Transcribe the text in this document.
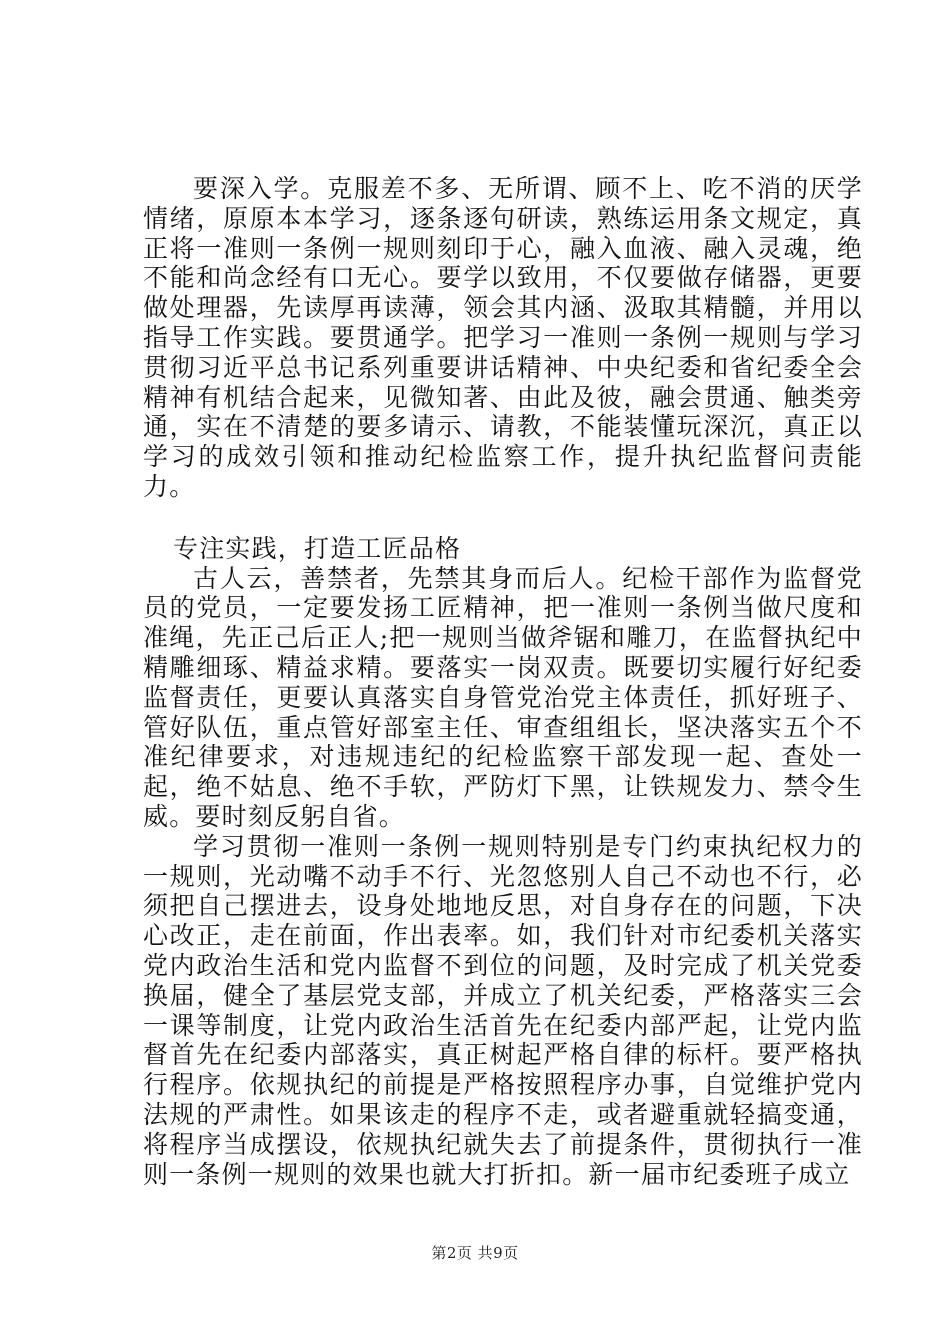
要深入学。克服差不多、无所谓、顾不上、吃不消的厌学情绪，原原本本学习，逐条逐句研读，熟练运用条文规定，真正将一准则一条例一规则刻印于心，融入血液、融入灵魂，绝不能和尚念经有口无心。要学以致用，不仅要做存储器，更要做处理器，先读厚再读薄，领会其内涵、汲取其精髓，并用以指导工作实践。要贯通学。把学习一准则一条例一规则与学习贯彻习近平总书记系列重要讲话精神、中央纪委和省纪委全会精神有机结合起来，见微知著、由此及彼，融会贯通、触类旁通，实在不清楚的要多请示、请教，不能装懂玩深沉，真正以学习的成效引领和推动纪检监察工作，提升执纪监督问责能力。

专注实践，打造工匠品格

古人云，善禁者，先禁其身而后人。纪检干部作为监督党员的党员，一定要发扬工匠精神，把一准则一条例当做尺度和准绳，先正己后正人;把一规则当做斧锯和雕刀，在监督执纪中精雕细琢、精益求精。要落实一岗双责。既要切实履行好纪委监督责任，更要认真落实自身管党治党主体责任，抓好班子、管好队伍，重点管好部室主任、审查组组长，坚决落实五个不准纪律要求，对违规违纪的纪检监察干部发现一起、查处一起，绝不姑息、绝不手软，严防灯下黑，让铁规发力、禁令生威。要时刻反躬自省。

学习贯彻一准则一条例一规则特别是专门约束执纪权力的一规则，光动嘴不动手不行、光忽悠别人自己不动也不行，必须把自己摆进去，设身处地地反思，对自身存在的问题，下决心改正，走在前面，作出表率。如，我们针对市纪委机关落实党内政治生活和党内监督不到位的问题，及时完成了机关党委换届，健全了基层党支部，并成立了机关纪委，严格落实三会一课等制度，让党内政治生活首先在纪委内部严起，让党内监督首先在纪委内部落实，真正树起严格自律的标杆。要严格执行程序。依规执纪的前提是严格按照程序办事，自觉维护党内法规的严肃性。如果该走的程序不走，或者避重就轻搞变通，将程序当成摆设，依规执纪就失去了前提条件，贯彻执行一准则一条例一规则的效果也就大打折扣。新一届市纪委班子成立

第2页 共9页
